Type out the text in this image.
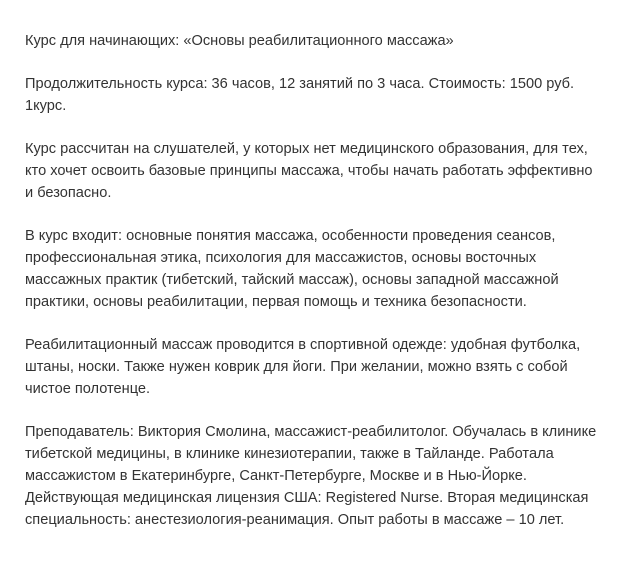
Курс для начинающих: «Основы реабилитационного массажа»

Продолжительность курса: 36 часов, 12 занятий по 3 часа. Стоимость: 1500 руб.
1курс.

Курс рассчитан на слушателей, у которых нет медицинского образования, для тех,
кто хочет освоить базовые принципы массажа, чтобы начать работать эффективно
и безопасно.

В курс входит: основные понятия массажа, особенности проведения сеансов,
профессиональная этика, психология для массажистов, основы восточных
массажных практик (тибетский, тайский массаж), основы западной массажной
практики, основы реабилитации, первая помощь и техника безопасности.

Реабилитационный массаж проводится в спортивной одежде: удобная футболка,
штаны, носки. Также нужен коврик для йоги. При желании, можно взять с собой
чистое полотенце.

Преподаватель: Виктория Смолина, массажист-реабилитолог. Обучалась в клинике
тибетской медицины, в клинике кинезиотерапии, также в Тайланде. Работала
массажистом в Екатеринбурге, Санкт-Петербурге, Москве и в Нью-Йорке.
Действующая медицинская лицензия США: Registered Nurse. Вторая медицинская
специальность: анестезиология-реанимация. Опыт работы в массаже – 10 лет.
